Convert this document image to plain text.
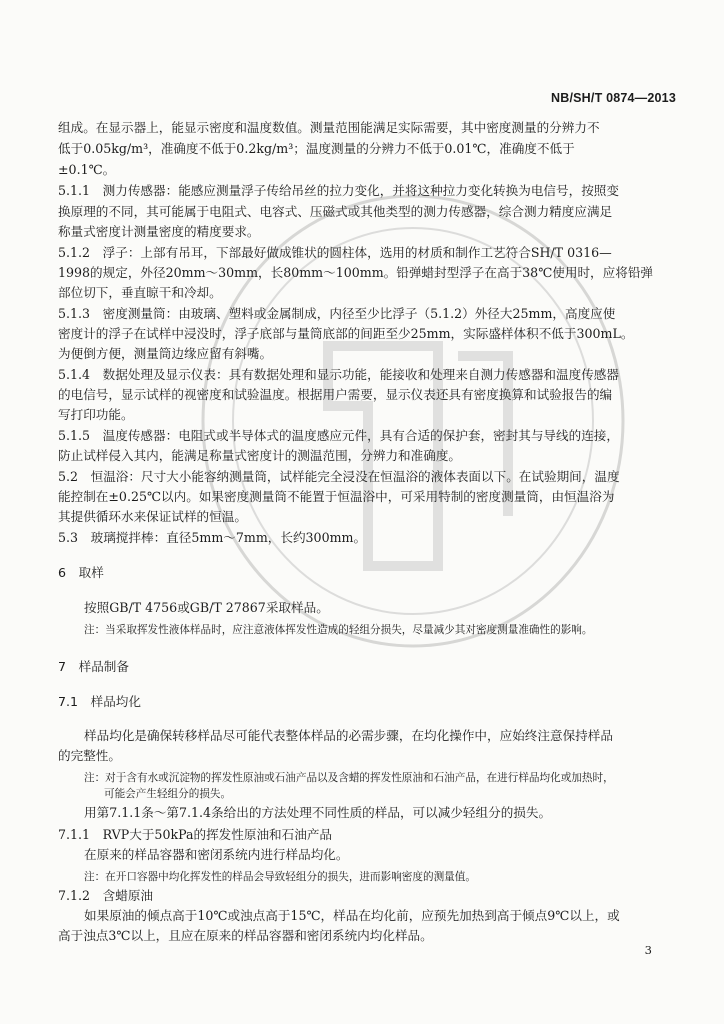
NB/SH/T 0874—2013
组成。在显示器上，能显示密度和温度数值。测量范围能满足实际需要，其中密度测量的分辨力不
低于0.05kg/m³，准确度不低于0.2kg/m³；温度测量的分辨力不低于0.01℃，准确度不低于
±0.1℃。
5.1.1　测力传感器：能感应测量浮子传给吊丝的拉力变化，并将这种拉力变化转换为电信号，按照变
换原理的不同，其可能属于电阻式、电容式、压磁式或其他类型的测力传感器，综合测力精度应满足
称量式密度计测量密度的精度要求。
5.1.2　浮子：上部有吊耳，下部最好做成锥状的圆柱体，选用的材质和制作工艺符合SH/T 0316—
1998的规定，外径20mm～30mm，长80mm～100mm。铅弹蜡封型浮子在高于38℃使用时，应将铅弹
部位切下，垂直晾干和冷却。
5.1.3　密度测量筒：由玻璃、塑料或金属制成，内径至少比浮子（5.1.2）外径大25mm，高度应使
密度计的浮子在试样中浸没时，浮子底部与量筒底部的间距至少25mm，实际盛样体积不低于300mL。
为便倒方便，测量筒边缘应留有斜嘴。
5.1.4　数据处理及显示仪表：具有数据处理和显示功能，能接收和处理来自测力传感器和温度传感器
的电信号，显示试样的视密度和试验温度。根据用户需要，显示仪表还具有密度换算和试验报告的编
写打印功能。
5.1.5　温度传感器：电阻式或半导体式的温度感应元件，具有合适的保护套，密封其与导线的连接，
防止试样侵入其内，能满足称量式密度计的测温范围，分辨力和准确度。
5.2　恒温浴：尺寸大小能容纳测量筒，试样能完全浸没在恒温浴的液体表面以下。在试验期间，温度
能控制在±0.25℃以内。如果密度测量筒不能置于恒温浴中，可采用特制的密度测量筒，由恒温浴为
其提供循环水来保证试样的恒温。
5.3　玻璃搅拌棒：直径5mm～7mm，长约300mm。
6　取样
按照GB/T 4756或GB/T 27867采取样品。
注：当采取挥发性液体样品时，应注意液体挥发性造成的轻组分损失，尽量减少其对密度测量准确性的影响。
7　样品制备
7.1　样品均化
样品均化是确保转移样品尽可能代表整体样品的必需步骤，在均化操作中，应始终注意保持样品
的完整性。
注：对于含有水或沉淀物的挥发性原油或石油产品以及含蜡的挥发性原油和石油产品，在进行样品均化或加热时，
可能会产生轻组分的损失。
用第7.1.1条～第7.1.4条给出的方法处理不同性质的样品，可以减少轻组分的损失。
7.1.1　RVP大于50kPa的挥发性原油和石油产品
在原来的样品容器和密闭系统内进行样品均化。
注：在开口容器中均化挥发性的样品会导致轻组分的损失，进而影响密度的测量值。
7.1.2　含蜡原油
如果原油的倾点高于10℃或浊点高于15℃，样品在均化前，应预先加热到高于倾点9℃以上，或
高于浊点3℃以上，且应在原来的样品容器和密闭系统内均化样品。
3
